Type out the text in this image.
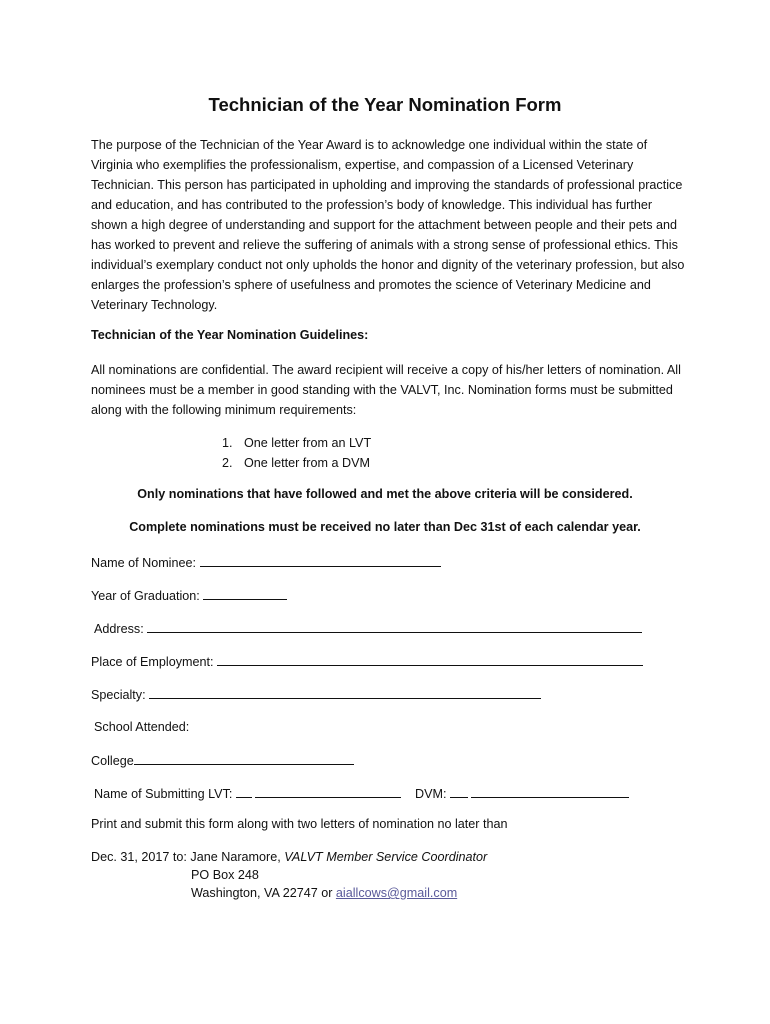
Technician of the Year Nomination Form

The purpose of the Technician of the Year Award is to acknowledge one individual within the state of Virginia who exemplifies the professionalism, expertise, and compassion of a Licensed Veterinary Technician. This person has participated in upholding and improving the standards of professional practice and education, and has contributed to the profession’s body of knowledge. This individual has further shown a high degree of understanding and support for the attachment between people and their pets and has worked to prevent and relieve the suffering of animals with a strong sense of professional ethics. This individual’s exemplary conduct not only upholds the honor and dignity of the veterinary profession, but also enlarges the profession’s sphere of usefulness and promotes the science of Veterinary Medicine and Veterinary Technology.

Technician of the Year Nomination Guidelines:

All nominations are confidential. The award recipient will receive a copy of his/her letters of nomination. All nominees must be a member in good standing with the VALVT, Inc. Nomination forms must be submitted along with the following minimum requirements:

1. One letter from an LVT
2. One letter from a DVM

Only nominations that have followed and met the above criteria will be considered.

Complete nominations must be received no later than Dec 31st of each calendar year.

Name of Nominee:
Year of Graduation:
Address:
Place of Employment:
Specialty:
School Attended:
College
Name of Submitting LVT:	DVM:

Print and submit this form along with two letters of nomination no later than

Dec. 31, 2017 to: Jane Naramore, VALVT Member Service Coordinator
PO Box 248
Washington, VA 22747 or aiallcows@gmail.com
